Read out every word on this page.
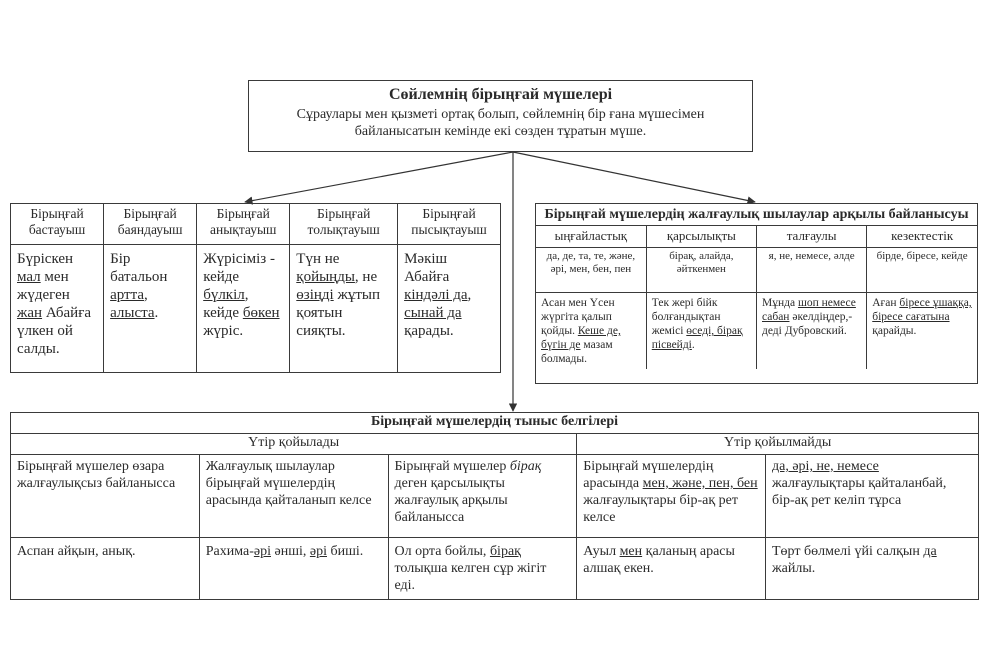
Сөйлемнің бірыңғай мүшелері
Сұраулары мен қызметі ортақ болып, сөйлемнің бір ғана мүшесімен
байланысатын кемінде екі сөзден тұратын мүше.
Бірыңғай бастауыш	Бірыңғай баяндауыш	Бірыңғай анықтауыш	Бірыңғай толықтауыш	Бірыңғай пысықтауыш
Бүріскен мал мен жүдеген жан Абайға үлкен ой салды.	Бір батальон артта, алыста.	Жүрісіміз - кейде бүлкіл, кейде бөкен жүріс.	Түн не қойыңды, не өзіңді жұтып қоятын сияқты.	Мәкіш Абайға кіндәлі да, сынай да қарады.
Бірыңғай мүшелердің жалғаулық шылаулар арқылы байланысуы
ыңғайластық	қарсылықты	талғаулы	кезектестік
да, де, та, те, және, әрі, мен, бен, пен	бірақ, алайда, әйткенмен	я, не, немесе, әлде	бірде, біресе, кейде
Асан мен Үсен жүргіта қалып қойды. Кеше де, бүгін де мазам болмады.	Тек жері бійк болғандықтан жемісі өседі, бірақ пісвейді.	Мұнда шоп немесе сабан әкелдіңдер,-деді Дубровский.	Аған біресе ұшаққа, біресе сағатына қарайды.
Бірыңғай мүшелердің тыныс белгілері				
Үтір қойылады			Үтір қойылмайды	
Бірыңғай мүшелер өзара жалғаулықсыз байланысса	Жалғаулық шылаулар бірыңғай мүшелердің арасында қайталанып келсе	Бірыңғай мүшелер бірақ деген қарсылықты жалғаулық арқылы байланысса	Бірыңғай мүшелердің арасында мен, және, пен, бен жалғаулықтары бір-ақ рет келсе	да, әрі, не, немесе жалғаулықтары қайталанбай, бір-ақ рет келіп тұрса
Аспан айқын, анық.	Рахима-әрі әнші, әрі биші.	Ол орта бойлы, бірақ толықша келген сұр жігіт еді.	Ауыл мен қаланың арасы алшақ екен.	Төрт бөлмелі үйі салқын да жайлы.
